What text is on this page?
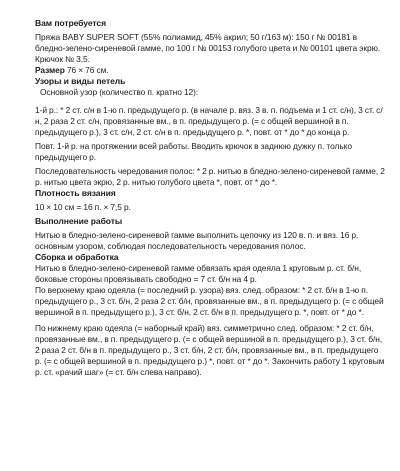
Вам потребуется

Пряжа BABY SUPER SOFT (55% полиамид, 45% акрил; 50 г/163 м): 150 г № 00181 в бледно-зелено-сиреневой гамме, по 100 г № 00153 голубого цвета и № 00101 цвета экрю.

Крючок № 3,5.

Размер 76 × 76 см.

Узоры и виды петель

Основной узор (количество п. кратно 12):

1-й р.: * 2 ст. с/н в 1-ю п. предыдущего р. (в начале р. вяз. 3 в. п. подъема и 1 ст. с/н), 3 ст. с/н, 2 раза 2 ст. с/н, провязанные вм., в п. предыдущего р. (= с общей вершиной в п. предыдущего р.), 3 ст. с/н, 2 ст. с/н в п. предыдущего р. *, повт. от * до * до конца р.

Повт. 1-й р. на протяжении всей работы. Вводить крючок в заднюю дужку п. только предыдущего р.

Последовательность чередования полос: * 2 р. нитью в бледно-зелено-сиреневой гамме, 2 р. нитью цвета экрю, 2 р. нитью голубого цвета *, повт. от * до *.

Плотность вязания

10 × 10 см = 16 п. × 7,5 р.

Выполнение работы

Нитью в бледно-зелено-сиреневой гамме выполнить цепочку из 120 в. п. и вяз. 16 р. основным узором, соблюдая последовательность чередования полос.

Сборка и обработка

Нитью в бледно-зелено-сиреневой гамме обвязать края одеяла 1 круговым р. ст. б/н, боковые стороны провязывать свободно = 7 ст. б/н на 4 р.

По верхнему краю одеяла (= последний р. узора) вяз. след. образом: * 2 ст. б/н в 1-ю п. предыдущего р., 3 ст. б/н, 2 раза 2 ст. б/н, провязанные вм., в п. предыдущего р. (= с общей вершиной в п. предыдущего р.), 3 ст. б/н, 2 ст. б/н в п. предыдущего р. *, повт. от * до *.

По нижнему краю одеяла (= наборный край) вяз. симметрично след. образом: * 2 ст. б/н, провязанные вм., в п. предыдущего р. (= с общей вершиной в п. предыдущего р.), 3 ст. б/н, 2 раза 2 ст. б/н в п. предыдущего р., 3 ст. б/н, 2 ст. б/н, провязанные вм., в п. предыдущего р. (= с общей вершиной в п. предыдущего р.) *, повт. от * до *. Закончить работу 1 круговым р. ст. «рачий шаг» (= ст. б/н слева направо).
